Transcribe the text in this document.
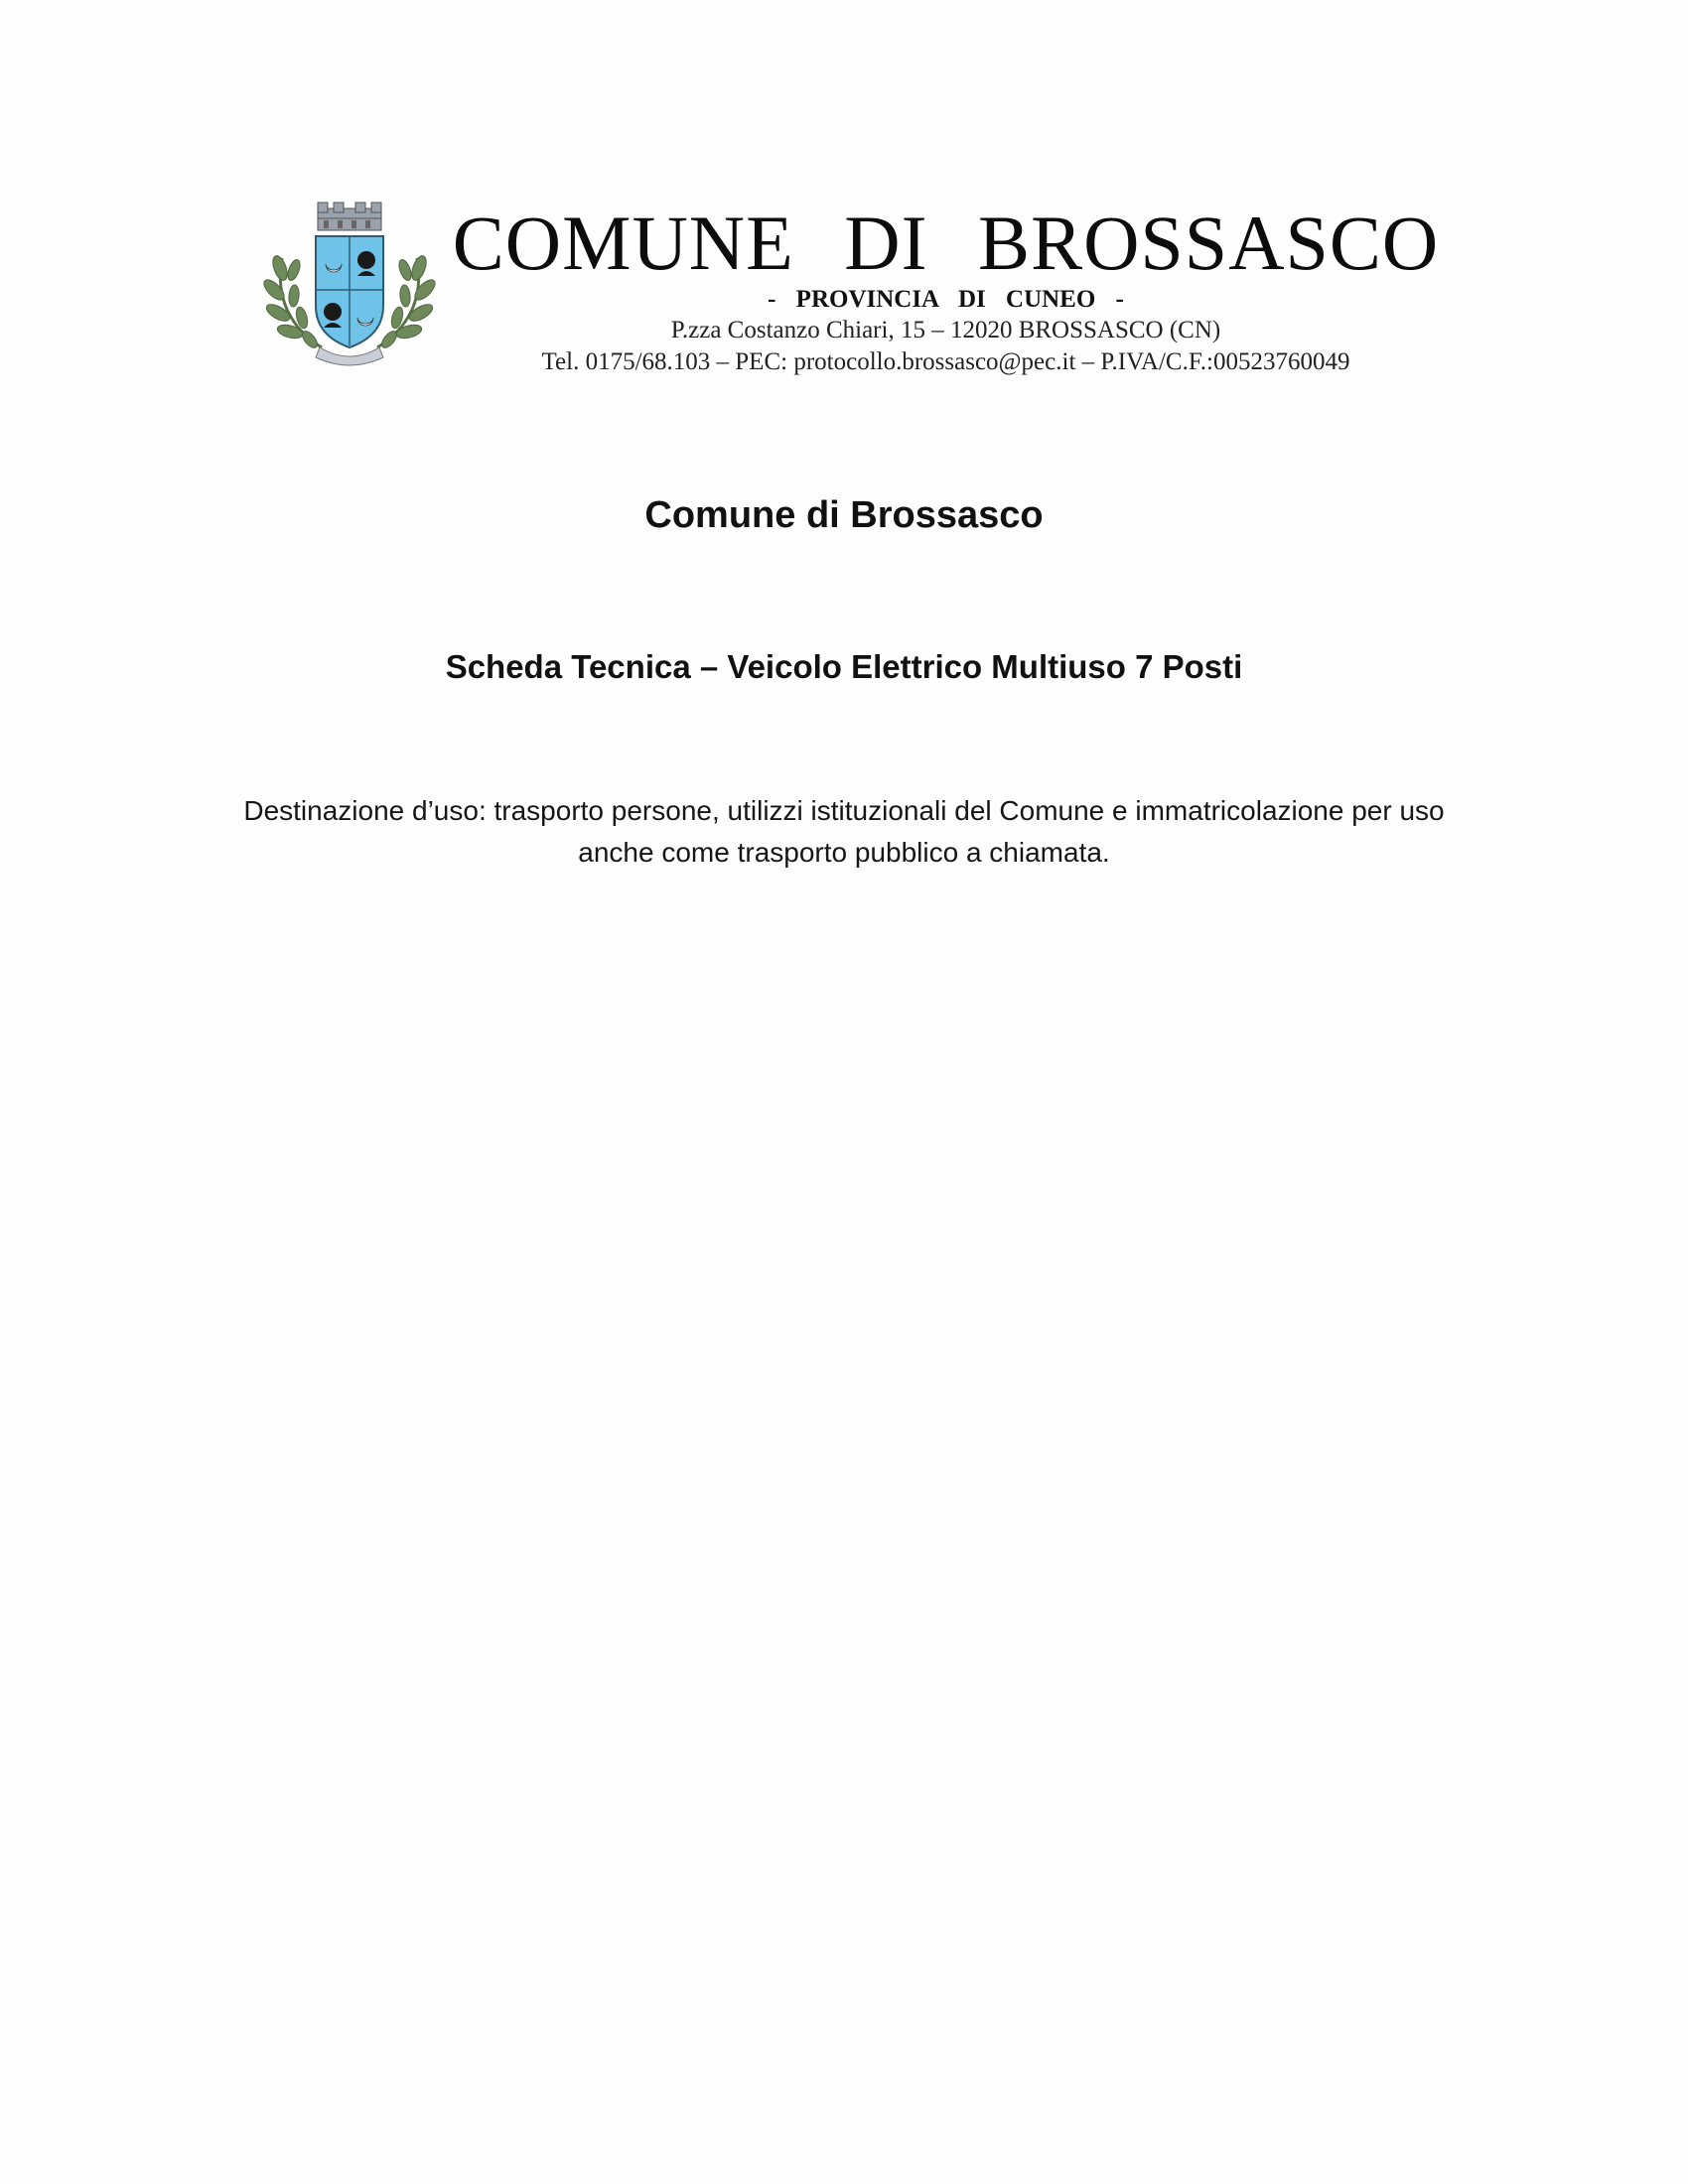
COMUNE DI BROSSASCO
- PROVINCIA DI CUNEO -
P.zza Costanzo Chiari, 15 – 12020 BROSSASCO (CN)
Tel. 0175/68.103 – PEC: protocollo.brossasco@pec.it – P.IVA/C.F.:00523760049
Comune di Brossasco
Scheda Tecnica – Veicolo Elettrico Multiuso 7 Posti
Destinazione d’uso: trasporto persone, utilizzi istituzionali del Comune e immatricolazione per uso anche come trasporto pubblico a chiamata.
